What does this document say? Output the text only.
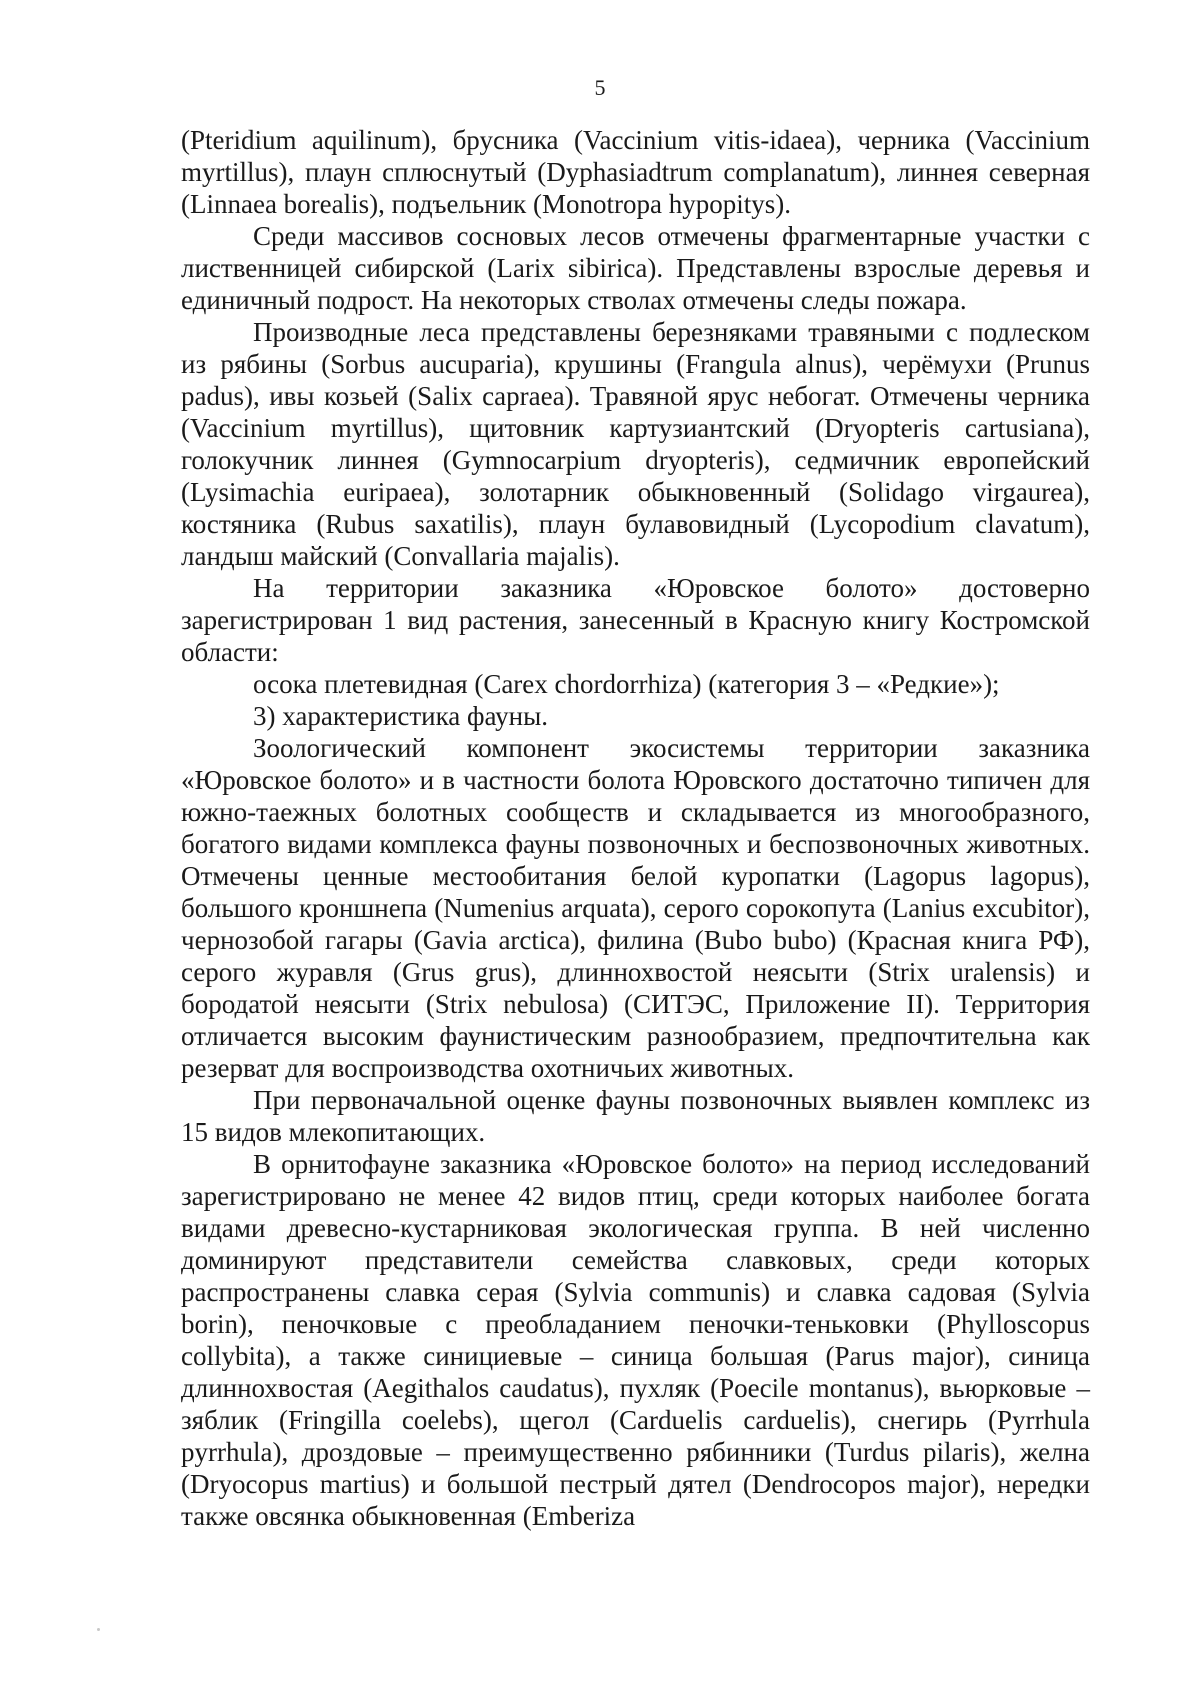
5

(Pteridium aquilinum), брусника (Vaccinium vitis-idaea), черника (Vaccinium myrtillus), плаун сплюснутый (Dyphasiadtrum complanatum), линнея северная (Linnaea borealis), подъельник (Monotropa hypopitys).

Среди массивов сосновых лесов отмечены фрагментарные участки с лиственницей сибирской (Larix sibirica). Представлены взрослые деревья и единичный подрост. На некоторых стволах отмечены следы пожара.

Производные леса представлены березняками травяными с подлеском из рябины (Sorbus aucuparia), крушины (Frangula alnus), черёмухи (Prunus padus), ивы козьей (Salix capraea). Травяной ярус небогат. Отмечены черника (Vaccinium myrtillus), щитовник картузиантский (Dryopteris cartusiana), голокучник линнея (Gymnocarpium dryopteris), седмичник европейский (Lysimachia euripaea), золотарник обыкновенный (Solidago virgaurea), костяника (Rubus saxatilis), плаун булавовидный (Lycopodium clavatum), ландыш майский (Convallaria majalis).

На территории заказника «Юровское болото» достоверно зарегистрирован 1 вид растения, занесенный в Красную книгу Костромской области:

осока плетевидная (Carex chordorrhiza) (категория 3 – «Редкие»);

3) характеристика фауны.

Зоологический компонент экосистемы территории заказника «Юровское болото» и в частности болота Юровского достаточно типичен для южно-таежных болотных сообществ и складывается из многообразного, богатого видами комплекса фауны позвоночных и беспозвоночных животных. Отмечены ценные местообитания белой куропатки (Lagopus lagopus), большого кроншнепа (Numenius arquata), серого сорокопута (Lanius excubitor), чернозобой гагары (Gavia arctica), филина (Bubo bubo) (Красная книга РФ), серого журавля (Grus grus), длиннохвостой неясыти (Strix uralensis) и бородатой неясыти (Strix nebulosa) (СИТЭС, Приложение II). Территория отличается высоким фаунистическим разнообразием, предпочтительна как резерват для воспроизводства охотничьих животных.

При первоначальной оценке фауны позвоночных выявлен комплекс из 15 видов млекопитающих.

В орнитофауне заказника «Юровское болото» на период исследований зарегистрировано не менее 42 видов птиц, среди которых наиболее богата видами древесно-кустарниковая экологическая группа. В ней численно доминируют представители семейства славковых, среди которых распространены славка серая (Sylvia communis) и славка садовая (Sylvia borin), пеночковые с преобладанием пеночки-теньковки (Phylloscopus collybita), а также синициевые – синица большая (Parus major), синица длиннохвостая (Aegithalos caudatus), пухляк (Poecile montanus), вьюрковые – зяблик (Fringilla coelebs), щегол (Carduelis carduelis), снегирь (Pyrrhula pyrrhula), дроздовые – преимущественно рябинники (Turdus pilaris), желна (Dryocopus martius) и большой пестрый дятел (Dendrocopos major), нередки также овсянка обыкновенная (Emberiza
